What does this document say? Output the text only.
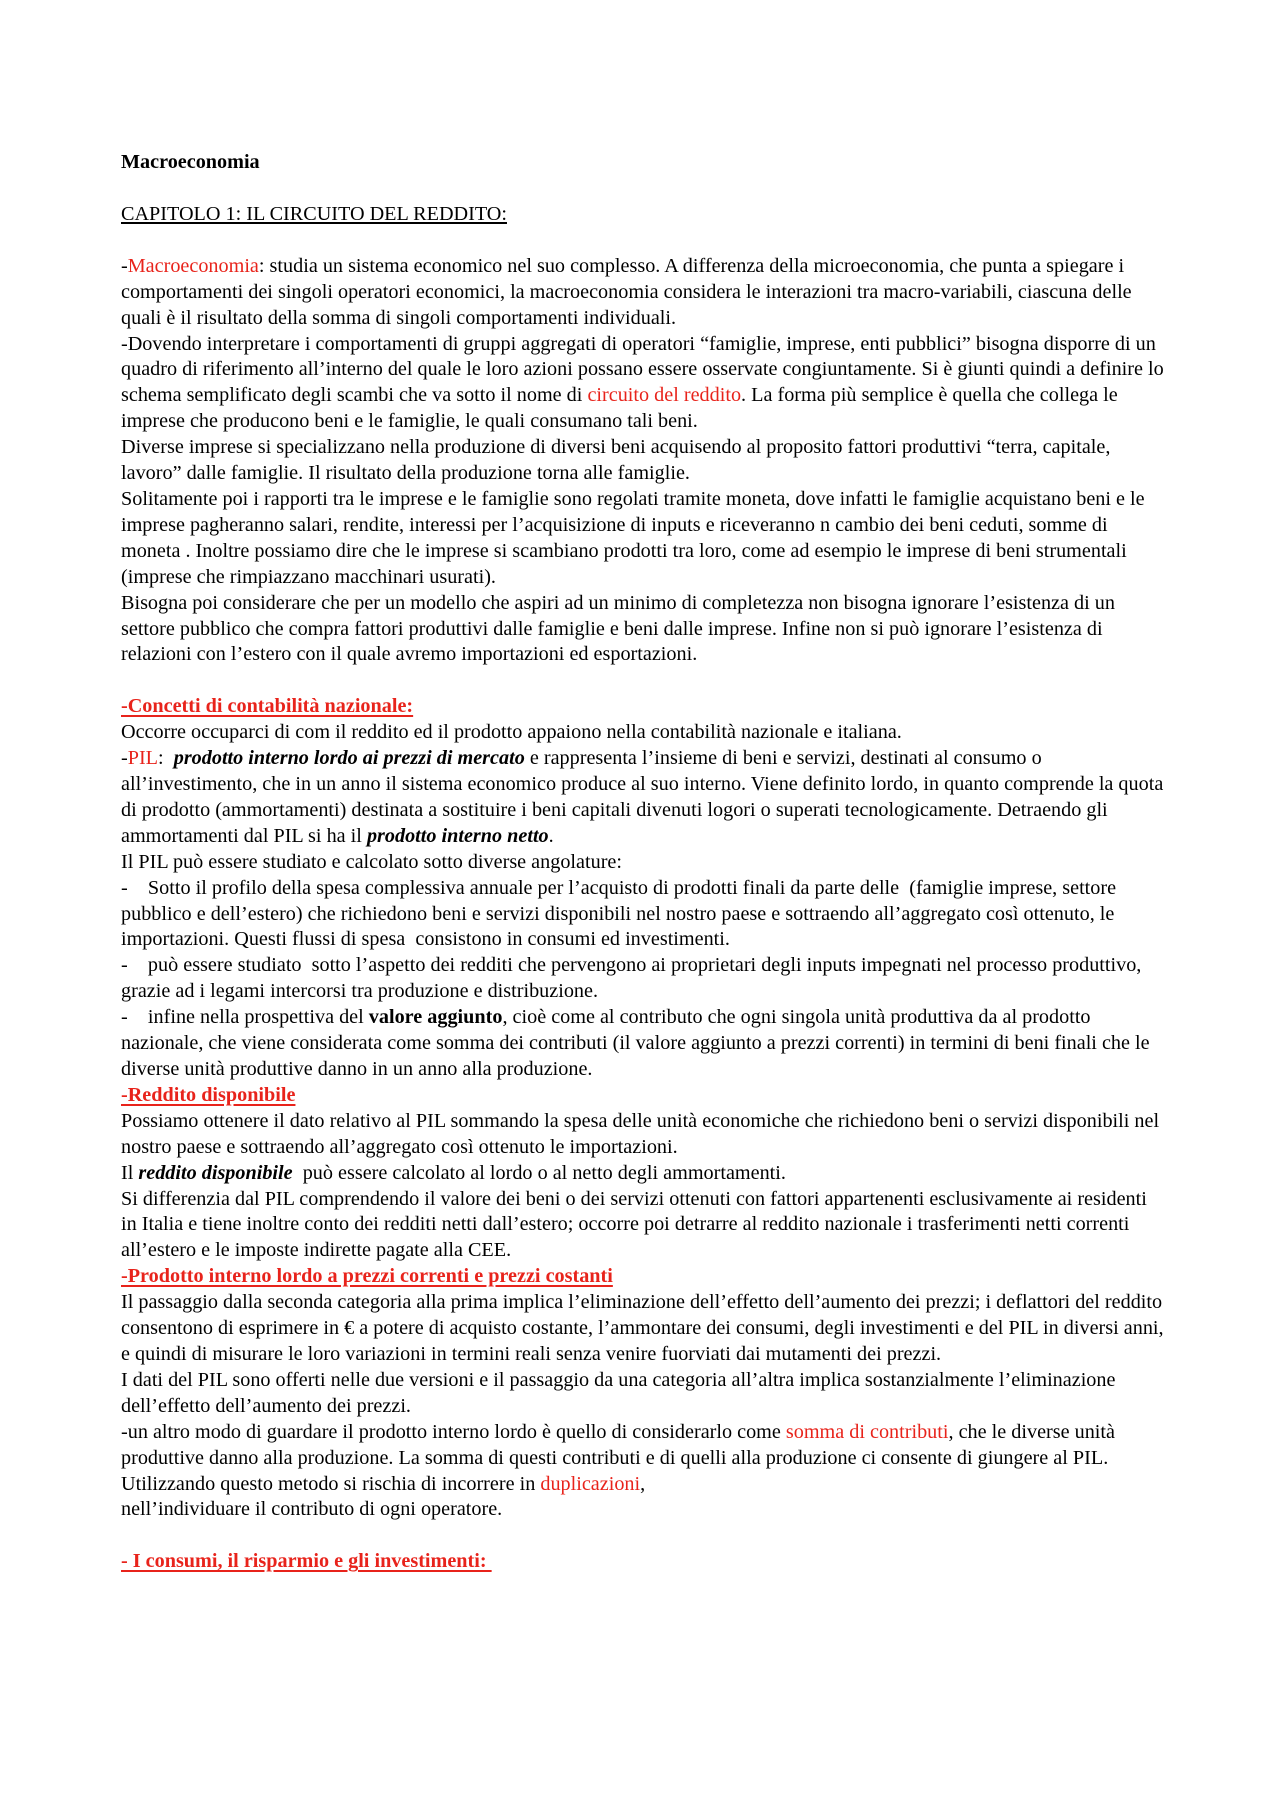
Macroeconomia

CAPITOLO 1: IL CIRCUITO DEL REDDITO:

-Macroeconomia: studia un sistema economico nel suo complesso. A differenza della microeconomia, che punta a spiegare i comportamenti dei singoli operatori economici, la macroeconomia considera le interazioni tra macro-variabili, ciascuna delle quali è il risultato della somma di singoli comportamenti individuali.

-Dovendo interpretare i comportamenti di gruppi aggregati di operatori “famiglie, imprese, enti pubblici” bisogna disporre di un quadro di riferimento all’interno del quale le loro azioni possano essere osservate congiuntamente. Si è giunti quindi a definire lo schema semplificato degli scambi che va sotto il nome di circuito del reddito. La forma più semplice è quella che collega le imprese che producono beni e le famiglie, le quali consumano tali beni.

Diverse imprese si specializzano nella produzione di diversi beni acquisendo al proposito fattori produttivi “terra, capitale, lavoro” dalle famiglie. Il risultato della produzione torna alle famiglie.

Solitamente poi i rapporti tra le imprese e le famiglie sono regolati tramite moneta, dove infatti le famiglie acquistano beni e le imprese pagheranno salari, rendite, interessi per l’acquisizione di inputs e riceveranno n cambio dei beni ceduti, somme di moneta . Inoltre possiamo dire che le imprese si scambiano prodotti tra loro, come ad esempio le imprese di beni strumentali (imprese che rimpiazzano macchinari usurati).

Bisogna poi considerare che per un modello che aspiri ad un minimo di completezza non bisogna ignorare l’esistenza di un settore pubblico che compra fattori produttivi dalle famiglie e beni dalle imprese. Infine non si può ignorare l’esistenza di relazioni con l’estero con il quale avremo importazioni ed esportazioni.

-Concetti di contabilità nazionale:

Occorre occuparci di com il reddito ed il prodotto appaiono nella contabilità nazionale e italiana.

-PIL:  prodotto interno lordo ai prezzi di mercato e rappresenta l’insieme di beni e servizi, destinati al consumo o all’investimento, che in un anno il sistema economico produce al suo interno. Viene definito lordo, in quanto comprende la quota di prodotto (ammortamenti) destinata a sostituire i beni capitali divenuti logori o superati tecnologicamente. Detraendo gli ammortamenti dal PIL si ha il prodotto interno netto.

Il PIL può essere studiato e calcolato sotto diverse angolature:

-    Sotto il profilo della spesa complessiva annuale per l’acquisto di prodotti finali da parte delle  (famiglie imprese, settore pubblico e dell’estero) che richiedono beni e servizi disponibili nel nostro paese e sottraendo all’aggregato così ottenuto, le importazioni. Questi flussi di spesa  consistono in consumi ed investimenti.

-    può essere studiato  sotto l’aspetto dei redditi che pervengono ai proprietari degli inputs impegnati nel processo produttivo, grazie ad i legami intercorsi tra produzione e distribuzione.

-    infine nella prospettiva del valore aggiunto, cioè come al contributo che ogni singola unità produttiva da al prodotto nazionale, che viene considerata come somma dei contributi (il valore aggiunto a prezzi correnti) in termini di beni finali che le diverse unità produttive danno in un anno alla produzione.

-Reddito disponibile

Possiamo ottenere il dato relativo al PIL sommando la spesa delle unità economiche che richiedono beni o servizi disponibili nel nostro paese e sottraendo all’aggregato così ottenuto le importazioni.

Il reddito disponibile  può essere calcolato al lordo o al netto degli ammortamenti.

Si differenzia dal PIL comprendendo il valore dei beni o dei servizi ottenuti con fattori appartenenti esclusivamente ai residenti in Italia e tiene inoltre conto dei redditi netti dall’estero; occorre poi detrarre al reddito nazionale i trasferimenti netti correnti all’estero e le imposte indirette pagate alla CEE.

-Prodotto interno lordo a prezzi correnti e prezzi costanti

Il passaggio dalla seconda categoria alla prima implica l’eliminazione dell’effetto dell’aumento dei prezzi; i deflattori del reddito consentono di esprimere in € a potere di acquisto costante, l’ammontare dei consumi, degli investimenti e del PIL in diversi anni, e quindi di misurare le loro variazioni in termini reali senza venire fuorviati dai mutamenti dei prezzi.

I dati del PIL sono offerti nelle due versioni e il passaggio da una categoria all’altra implica sostanzialmente l’eliminazione dell’effetto dell’aumento dei prezzi.

-un altro modo di guardare il prodotto interno lordo è quello di considerarlo come somma di contributi, che le diverse unità produttive danno alla produzione. La somma di questi contributi e di quelli alla produzione ci consente di giungere al PIL. Utilizzando questo metodo si rischia di incorrere in duplicazioni,

nell’individuare il contributo di ogni operatore.

- I consumi, il risparmio e gli investimenti:
